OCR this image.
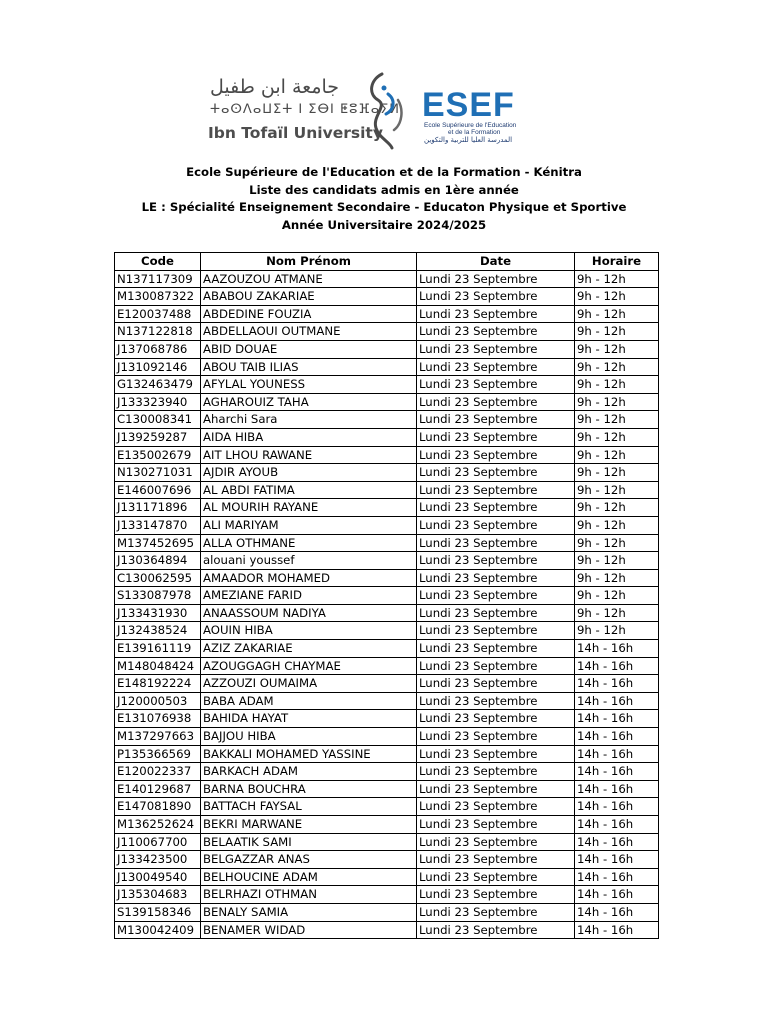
جامعة ابن طفيل
ⵜⴰⵙⴷⴰⵡⵉⵜ ⵏ ⵉⴱⵏ ⵟⵓⴼⴰⵢⵍ
Ibn Tofaïl University
ESEF
Ecole Supérieure de l'Education
et de la Formation
المدرسة العليا للتربية والتكوين
Ecole Supérieure de l'Education et de la Formation - Kénitra
Liste des candidats admis en 1ère année
LE : Spécialité Enseignement Secondaire - Educaton Physique et Sportive
Année Universitaire 2024/2025
Code	Nom Prénom	Date	Horaire
N137117309	AAZOUZOU ATMANE	Lundi 23 Septembre	9h - 12h
M130087322	ABABOU ZAKARIAE	Lundi 23 Septembre	9h - 12h
E120037488	ABDEDINE FOUZIA	Lundi 23 Septembre	9h - 12h
N137122818	ABDELLAOUI OUTMANE	Lundi 23 Septembre	9h - 12h
J137068786	ABID DOUAE	Lundi 23 Septembre	9h - 12h
J131092146	ABOU TAIB ILIAS	Lundi 23 Septembre	9h - 12h
G132463479	AFYLAL YOUNESS	Lundi 23 Septembre	9h - 12h
J133323940	AGHAROUIZ TAHA	Lundi 23 Septembre	9h - 12h
C130008341	Aharchi Sara	Lundi 23 Septembre	9h - 12h
J139259287	AIDA HIBA	Lundi 23 Septembre	9h - 12h
E135002679	AIT LHOU RAWANE	Lundi 23 Septembre	9h - 12h
N130271031	AJDIR AYOUB	Lundi 23 Septembre	9h - 12h
E146007696	AL ABDI FATIMA	Lundi 23 Septembre	9h - 12h
J131171896	AL MOURIH RAYANE	Lundi 23 Septembre	9h - 12h
J133147870	ALI MARIYAM	Lundi 23 Septembre	9h - 12h
M137452695	ALLA OTHMANE	Lundi 23 Septembre	9h - 12h
J130364894	alouani youssef	Lundi 23 Septembre	9h - 12h
C130062595	AMAADOR MOHAMED	Lundi 23 Septembre	9h - 12h
S133087978	AMEZIANE FARID	Lundi 23 Septembre	9h - 12h
J133431930	ANAASSOUM NADIYA	Lundi 23 Septembre	9h - 12h
J132438524	AOUIN HIBA	Lundi 23 Septembre	9h - 12h
E139161119	AZIZ ZAKARIAE	Lundi 23 Septembre	14h - 16h
M148048424	AZOUGGAGH CHAYMAE	Lundi 23 Septembre	14h - 16h
E148192224	AZZOUZI OUMAIMA	Lundi 23 Septembre	14h - 16h
J120000503	BABA ADAM	Lundi 23 Septembre	14h - 16h
E131076938	BAHIDA HAYAT	Lundi 23 Septembre	14h - 16h
M137297663	BAJJOU HIBA	Lundi 23 Septembre	14h - 16h
P135366569	BAKKALI MOHAMED YASSINE	Lundi 23 Septembre	14h - 16h
E120022337	BARKACH ADAM	Lundi 23 Septembre	14h - 16h
E140129687	BARNA BOUCHRA	Lundi 23 Septembre	14h - 16h
E147081890	BATTACH FAYSAL	Lundi 23 Septembre	14h - 16h
M136252624	BEKRI MARWANE	Lundi 23 Septembre	14h - 16h
J110067700	BELAATIK SAMI	Lundi 23 Septembre	14h - 16h
J133423500	BELGAZZAR ANAS	Lundi 23 Septembre	14h - 16h
J130049540	BELHOUCINE ADAM	Lundi 23 Septembre	14h - 16h
J135304683	BELRHAZI OTHMAN	Lundi 23 Septembre	14h - 16h
S139158346	BENALY SAMIA	Lundi 23 Septembre	14h - 16h
M130042409	BENAMER WIDAD	Lundi 23 Septembre	14h - 16h
